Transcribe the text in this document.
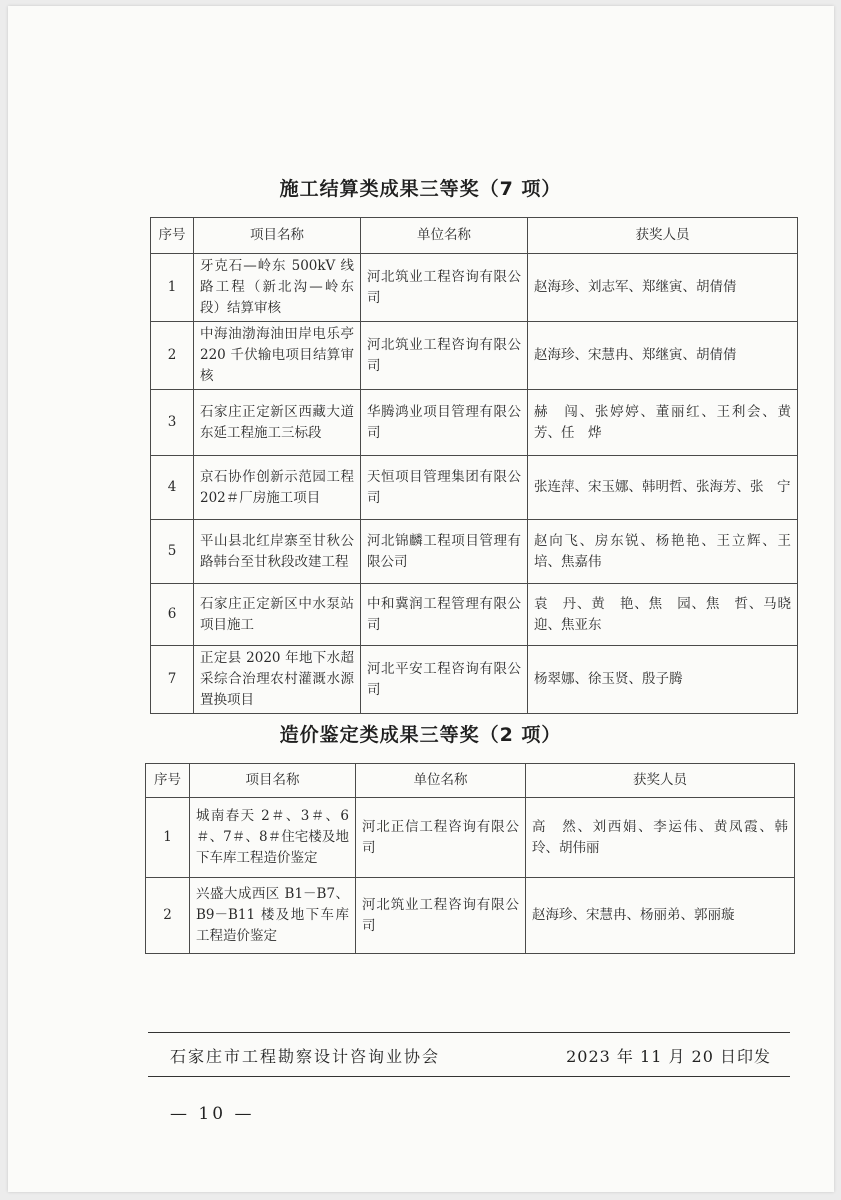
施工结算类成果三等奖（7 项）
序号	项目名称	单位名称	获奖人员
1	牙克石—岭东 500kV 线路工程（新北沟—岭东段）结算审核	河北筑业工程咨询有限公司	赵海珍、刘志军、郑继寅、胡倩倩
2	中海油渤海油田岸电乐亭 220 千伏输电项目结算审核	河北筑业工程咨询有限公司	赵海珍、宋慧冉、郑继寅、胡倩倩
3	石家庄正定新区西藏大道东延工程施工三标段	华腾鸿业项目管理有限公司	赫　闯、张婷婷、董丽红、王利会、黄　芳、任　烨
4	京石协作创新示范园工程 202＃厂房施工项目	天恒项目管理集团有限公司	张连萍、宋玉娜、韩明哲、张海芳、张　宁
5	平山县北红岸寨至甘秋公路韩台至甘秋段改建工程	河北锦麟工程项目管理有限公司	赵向飞、房东锐、杨艳艳、王立辉、王　培、焦嘉伟
6	石家庄正定新区中水泵站项目施工	中和冀润工程管理有限公司	袁　丹、黄　艳、焦　园、焦　哲、马晓迎、焦亚东
7	正定县 2020 年地下水超采综合治理农村灌溉水源置换项目	河北平安工程咨询有限公司	杨翠娜、徐玉贤、殷子腾
造价鉴定类成果三等奖（2 项）
序号	项目名称	单位名称	获奖人员
1	城南春天 2＃、3＃、6＃、7＃、8＃住宅楼及地下车库工程造价鉴定	河北正信工程咨询有限公司	高　然、刘西娟、李运伟、黄凤霞、韩　玲、胡伟丽
2	兴盛大成西区 B1－B7、B9－B11 楼及地下车库工程造价鉴定	河北筑业工程咨询有限公司	赵海珍、宋慧冉、杨丽弟、郭丽璇
石家庄市工程勘察设计咨询业协会	2023 年 11 月 20 日印发
— 10 —
